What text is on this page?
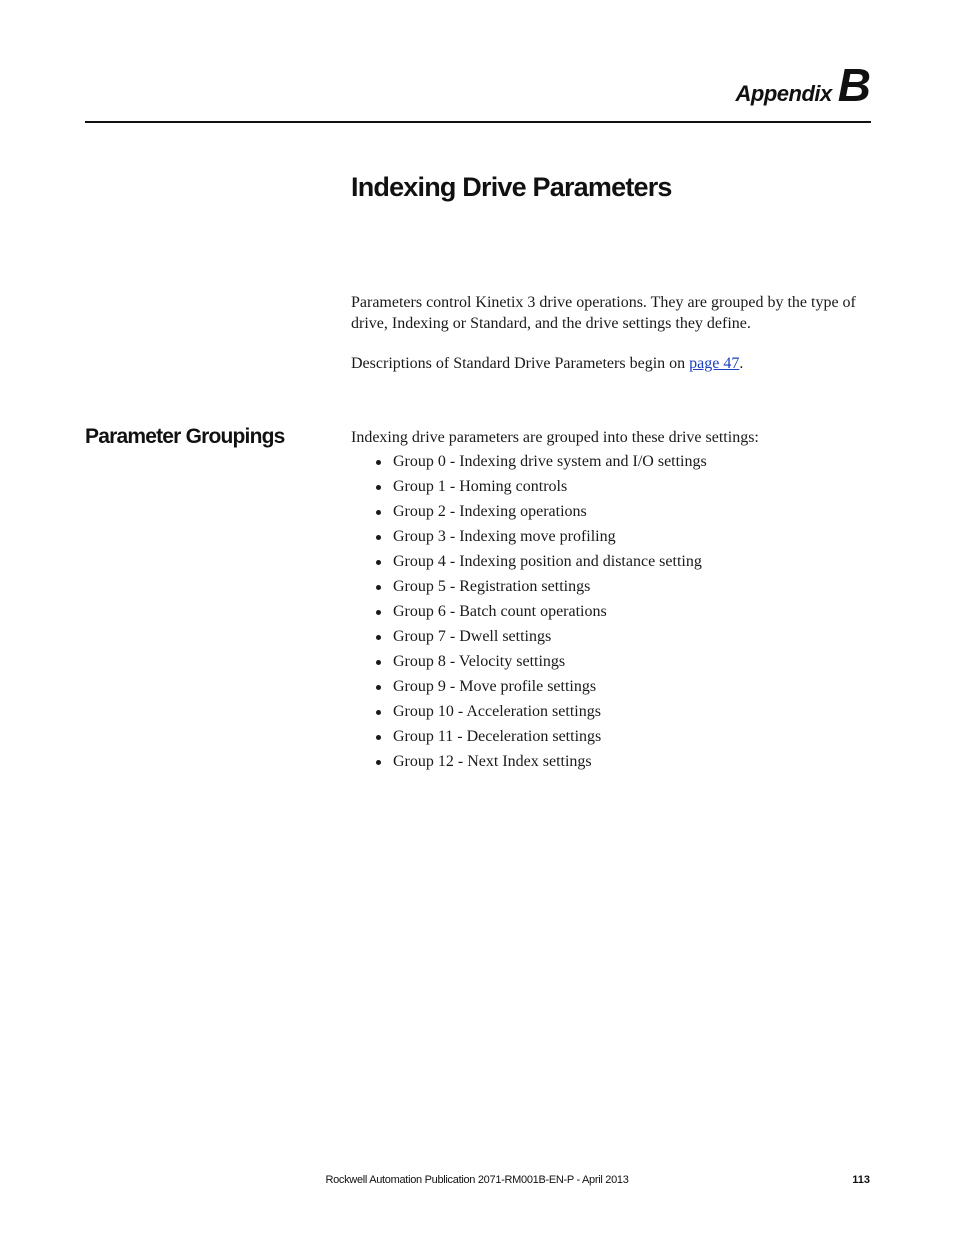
Appendix B
Indexing Drive Parameters

Parameters control Kinetix 3 drive operations. They are grouped by the type of drive, Indexing or Standard, and the drive settings they define.

Descriptions of Standard Drive Parameters begin on page 47.

Parameter Groupings	Indexing drive parameters are grouped into these drive settings:

Group 0 - Indexing drive system and I/O settings
Group 1 - Homing controls
Group 2 - Indexing operations
Group 3 - Indexing move profiling
Group 4 - Indexing position and distance setting
Group 5 - Registration settings
Group 6 - Batch count operations
Group 7 - Dwell settings
Group 8 - Velocity settings
Group 9 - Move profile settings
Group 10 - Acceleration settings
Group 11 - Deceleration settings
Group 12 - Next Index settings
Rockwell Automation Publication 2071-RM001B-EN-P - April 2013	113
